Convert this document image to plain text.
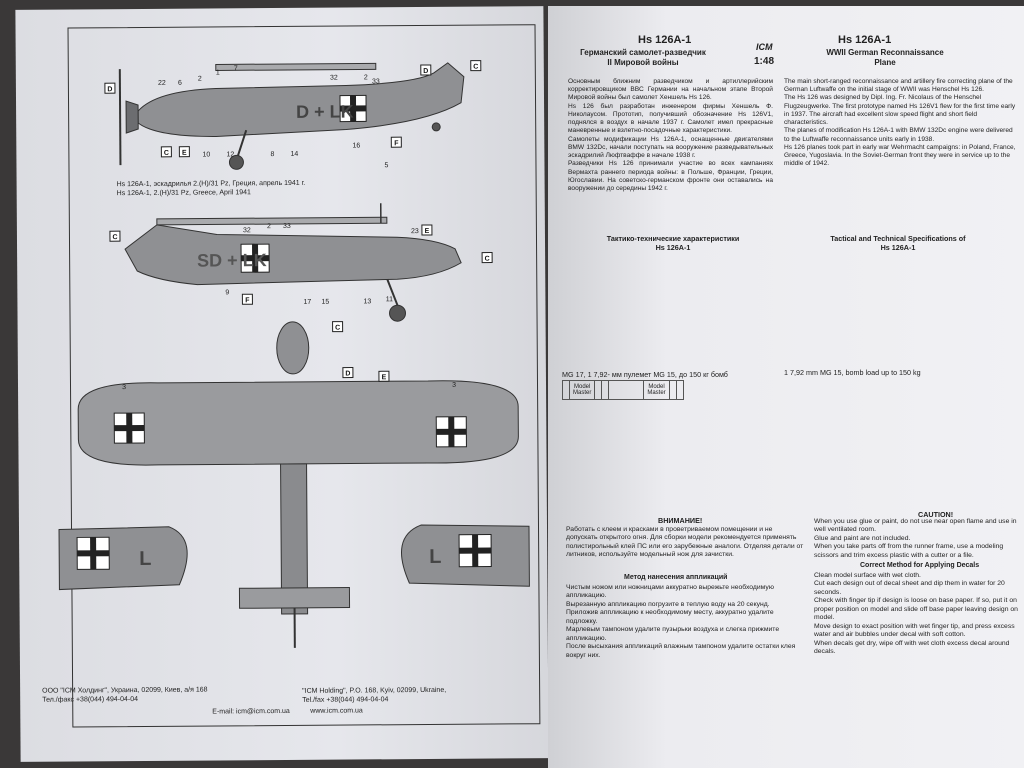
D + LK
D
22 6
2
1
7
32	2
33
D
C
C E 10 12	8 14
16	F
5
Hs 126A-1, эскадрилья 2.(H)/31 Pz, Греция, апрель 1941 г.
Hs 126A-1, 2.(H)/31 Pz, Greece, April 1941
SD + LK
32
2 33
23 E
C
C
9
F	17 15	13 11
L	L
C
D
E
3	3
ООО "ICM Холдинг", Украина, 02099, Киев, а/я 168
Тел./факс +38(044) 494-04-04
"ICM Holding", P.O. 168, Kyiv, 02099, Ukraine,
Tel./fax +38(044) 494-04-04
E-mail: icm@icm.com.ua	www.icm.com.ua
Hs 126A-1
Германский самолет-разведчик
II Мировой войны
ICM
1:48
Hs 126A-1
WWII German Reconnaissance
Plane
Основным ближним разведчиком и артиллерийским корректировщиком ВВС Германии на начальном этапе Второй Мировой войны был самолет Хеншель Hs 126.
Hs 126 был разработан инженером фирмы Хеншель Ф. Николаусом. Прототип, получивший обозначение Hs 126V1, поднялся в воздух в начале 1937 г. Самолет имел прекрасные маневренные и взлетно-посадочные характеристики.
Самолеты модификации Hs 126A-1, оснащенные двигателями BMW 132Dc, начали поступать на вооружение разведывательных эскадрилий Люфтваффе в начале 1938 г.
Разведчики Hs 126 принимали участие во всех кампаниях Вермахта раннего периода войны: в Польше, Франции, Греции, Югославии. На советско-германском фронте они оставались на вооружении до середины 1942 г.
The main short-ranged reconnaissance and artillery fire correcting plane of the German Luftwaffe on the initial stage of WWII was Henschel Hs 126.
The Hs 126 was designed by Dipl. Ing. Fr. Nicolaus of the Henschel Flugzeugwerke. The first prototype named Hs 126V1 flew for the first time early in 1937. The aircraft had excellent slow speed flight and short field characteristics.
The planes of modification Hs 126A-1 with BMW 132Dc engine were delivered to the Luftwaffe reconnaissance units early in 1938.
Hs 126 planes took part in early war Wehrmacht campaigns: in Poland, France, Greece, Yugoslavia. In the Soviet-German front they were in service up to the middle of 1942.
Тактико-технические характеристики
Hs 126A-1
Tactical and Technical Specifications of
Hs 126A-1
MG 17, 1 7,92- мм пулемет MG 15, до 150 кг бомб	1 7,92 mm MG 15, bomb load up to 150 kg
	Model
Master				Model
Master		
ВНИМАНИЕ!
Работать с клеем и красками в проветриваемом помещении и не допускать открытого огня. Для сборки модели рекомендуется применять полистирольный клей ПС или его зарубежные аналоги. Отделяя детали от литников, используйте модельный нож для зачистки.
Метод нанесения аппликаций
Чистым ножом или ножницами аккуратно вырежьте необходимую аппликацию.
Вырезанную аппликацию погрузите в теплую воду на 20 секунд.
Приложив аппликацию к необходимому месту, аккуратно удалите подложку.
Марлевым тампоном удалите пузырьки воздуха и слегка прижмите аппликацию.
После высыхания аппликаций влажным тампоном удалите остатки клея вокруг них.
CAUTION!
When you use glue or paint, do not use near open flame and use in well ventilated room.
Glue and paint are not included.
When you take parts off from the runner frame, use a modeling scissors and trim excess plastic with a cutter or a file.
Correct Method for Applying Decals
Clean model surface with wet cloth.
Cut each design out of decal sheet and dip them in water for 20 seconds.
Check with finger tip if design is loose on base paper. If so, put it on proper position on model and slide off base paper leaving design on model.
Move design to exact position with wet finger tip, and press excess water and air bubbles under decal with soft cotton.
When decals get dry, wipe off with wet cloth excess decal around decals.
